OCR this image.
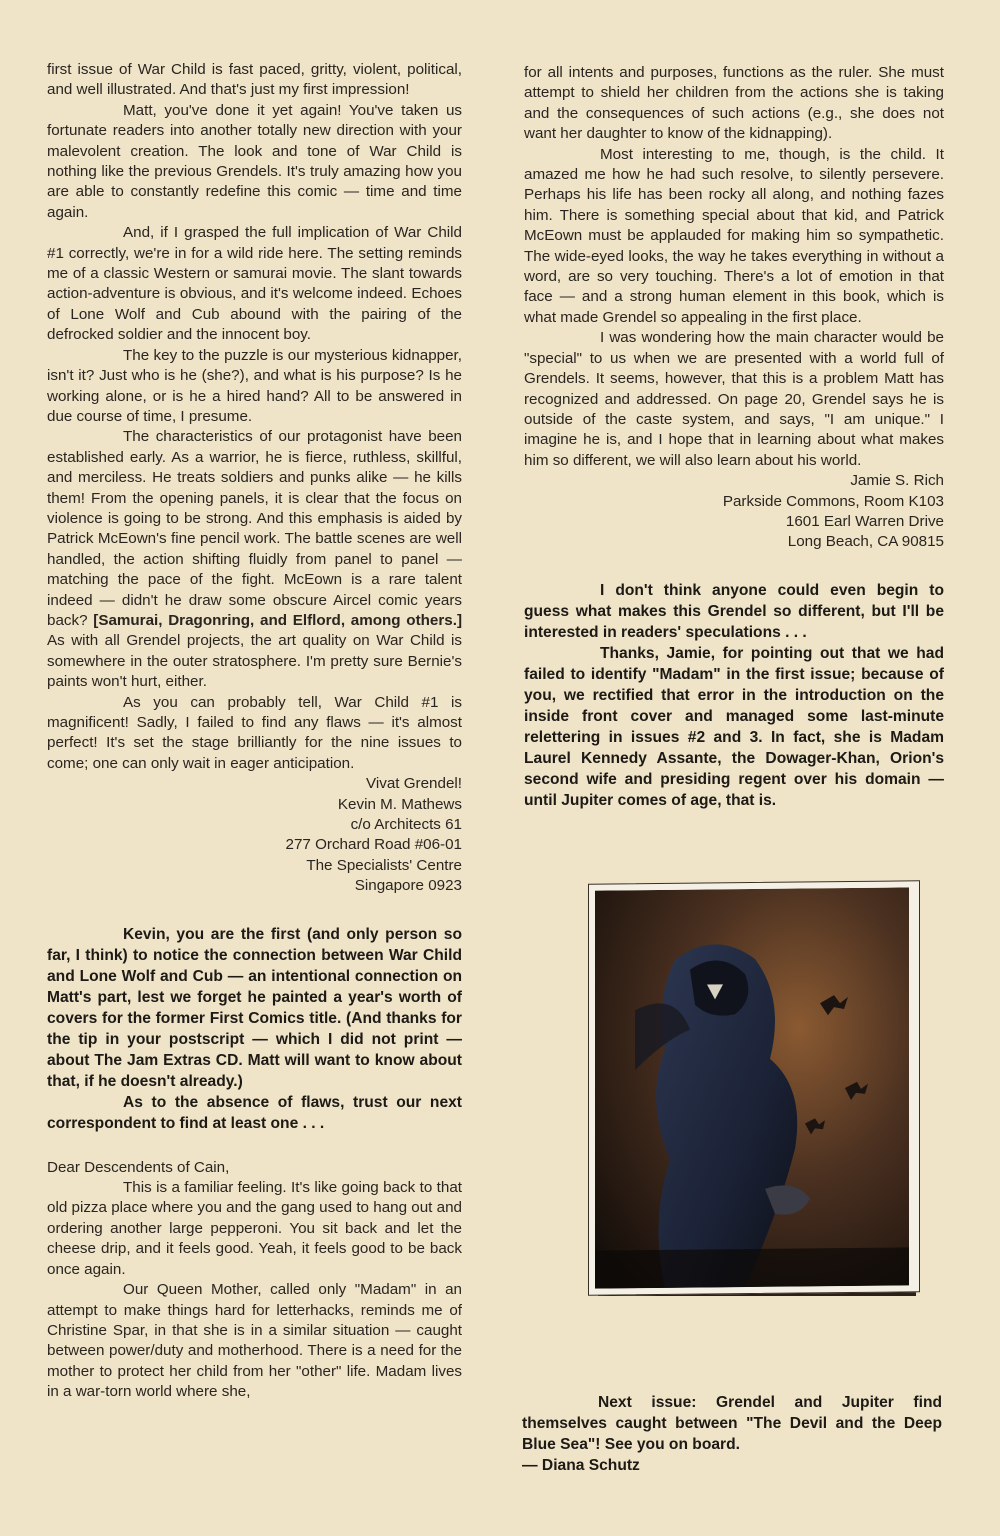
first issue of War Child is fast paced, gritty, violent, political, and well illustrated. And that's just my first impression!

Matt, you've done it yet again! You've taken us fortunate readers into another totally new direction with your malevolent creation. The look and tone of War Child is nothing like the previous Grendels. It's truly amazing how you are able to constantly redefine this comic — time and time again.

And, if I grasped the full implication of War Child #1 correctly, we're in for a wild ride here. The setting reminds me of a classic Western or samurai movie. The slant towards action-adventure is obvious, and it's welcome indeed. Echoes of Lone Wolf and Cub abound with the pairing of the defrocked soldier and the innocent boy.

The key to the puzzle is our mysterious kidnapper, isn't it? Just who is he (she?), and what is his purpose? Is he working alone, or is he a hired hand? All to be answered in due course of time, I presume.

The characteristics of our protagonist have been established early. As a warrior, he is fierce, ruthless, skillful, and merciless. He treats soldiers and punks alike — he kills them! From the opening panels, it is clear that the focus on violence is going to be strong. And this emphasis is aided by Patrick McEown's fine pencil work. The battle scenes are well handled, the action shifting fluidly from panel to panel — matching the pace of the fight. McEown is a rare talent indeed — didn't he draw some obscure Aircel comic years back? [Samurai, Dragonring, and Elflord, among others.] As with all Grendel projects, the art quality on War Child is somewhere in the outer stratosphere. I'm pretty sure Bernie's paints won't hurt, either.

As you can probably tell, War Child #1 is magnificent! Sadly, I failed to find any flaws — it's almost perfect! It's set the stage brilliantly for the nine issues to come; one can only wait in eager anticipation.

Vivat Grendel!

Kevin M. Mathews

c/o Architects 61

277 Orchard Road #06-01

The Specialists' Centre

Singapore 0923

Kevin, you are the first (and only person so far, I think) to notice the connection between War Child and Lone Wolf and Cub — an intentional connection on Matt's part, lest we forget he painted a year's worth of covers for the former First Comics title. (And thanks for the tip in your postscript — which I did not print — about The Jam Extras CD. Matt will want to know about that, if he doesn't already.)

As to the absence of flaws, trust our next correspondent to find at least one . . .

Dear Descendents of Cain,

This is a familiar feeling. It's like going back to that old pizza place where you and the gang used to hang out and ordering another large pepperoni. You sit back and let the cheese drip, and it feels good. Yeah, it feels good to be back once again.

Our Queen Mother, called only "Madam" in an attempt to make things hard for letterhacks, reminds me of Christine Spar, in that she is in a similar situation — caught between power/duty and motherhood. There is a need for the mother to protect her child from her "other" life. Madam lives in a war-torn world where she,

for all intents and purposes, functions as the ruler. She must attempt to shield her children from the actions she is taking and the consequences of such actions (e.g., she does not want her daughter to know of the kidnapping).

Most interesting to me, though, is the child. It amazed me how he had such resolve, to silently persevere. Perhaps his life has been rocky all along, and nothing fazes him. There is something special about that kid, and Patrick McEown must be applauded for making him so sympathetic. The wide-eyed looks, the way he takes everything in without a word, are so very touching. There's a lot of emotion in that face — and a strong human element in this book, which is what made Grendel so appealing in the first place.

I was wondering how the main character would be "special" to us when we are presented with a world full of Grendels. It seems, however, that this is a problem Matt has recognized and addressed. On page 20, Grendel says he is outside of the caste system, and says, "I am unique." I imagine he is, and I hope that in learning about what makes him so different, we will also learn about his world.

Jamie S. Rich

Parkside Commons, Room K103

1601 Earl Warren Drive

Long Beach, CA 90815

I don't think anyone could even begin to guess what makes this Grendel so different, but I'll be interested in readers' speculations . . .

Thanks, Jamie, for pointing out that we had failed to identify "Madam" in the first issue; because of you, we rectified that error in the introduction on the inside front cover and managed some last-minute relettering in issues #2 and 3. In fact, she is Madam Laurel Kennedy Assante, the Dowager-Khan, Orion's second wife and presiding regent over his domain — until Jupiter comes of age, that is.

Next issue: Grendel and Jupiter find themselves caught between "The Devil and the Deep Blue Sea"! See you on board.

— Diana Schutz
